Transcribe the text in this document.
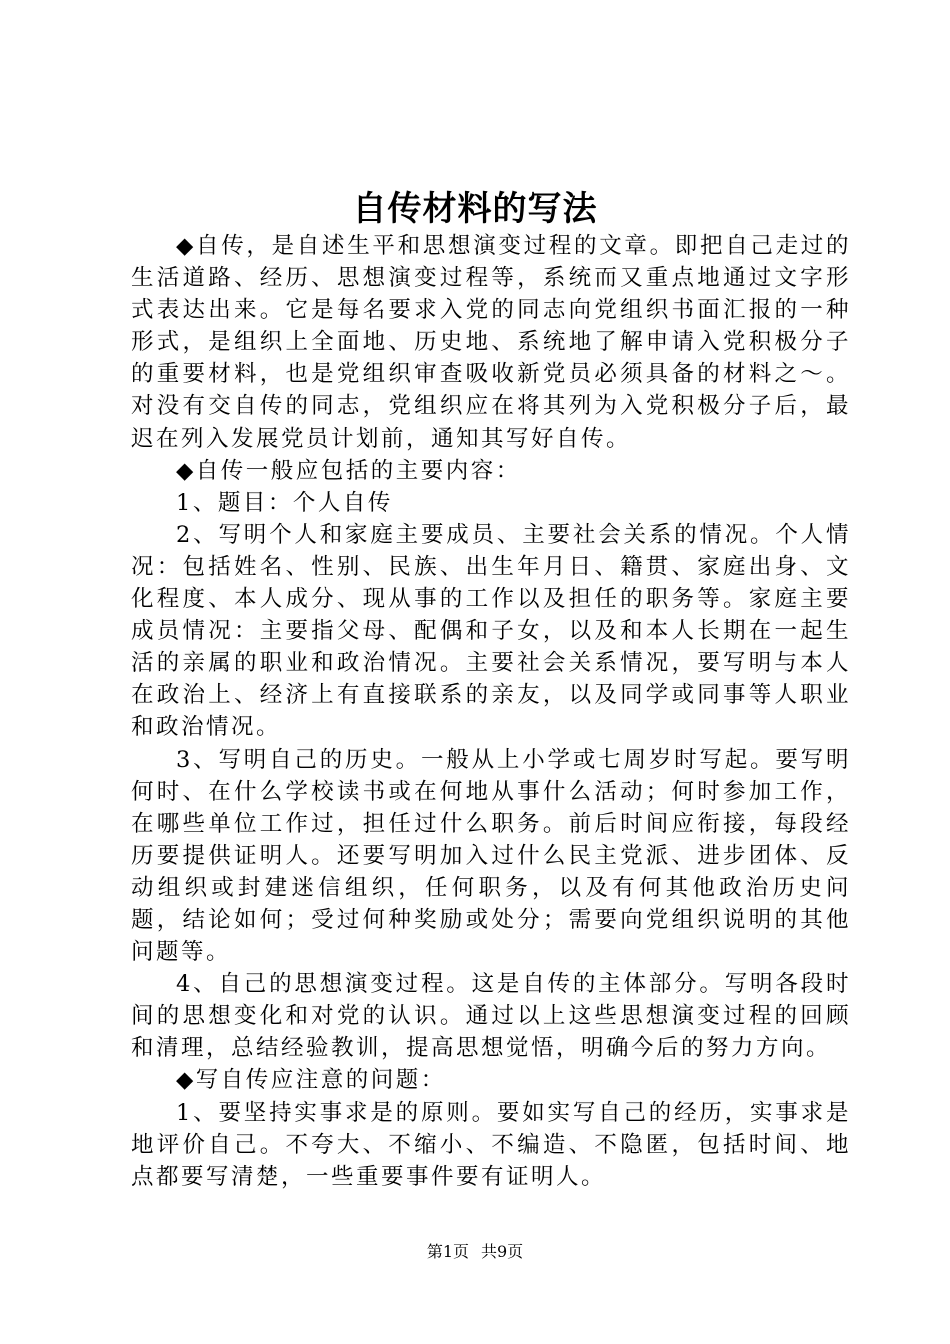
自传材料的写法

◆自传，是自述生平和思想演变过程的文章。即把自己走过的生活道路、经历、思想演变过程等，系统而又重点地通过文字形式表达出来。它是每名要求入党的同志向党组织书面汇报的一种形式，是组织上全面地、历史地、系统地了解申请入党积极分子的重要材料，也是党组织审查吸收新党员必须具备的材料之～。对没有交自传的同志，党组织应在将其列为入党积极分子后，最迟在列入发展党员计划前，通知其写好自传。

◆自传一般应包括的主要内容：

1、题目：个人自传

2、写明个人和家庭主要成员、主要社会关系的情况。个人情况：包括姓名、性别、民族、出生年月日、籍贯、家庭出身、文化程度、本人成分、现从事的工作以及担任的职务等。家庭主要成员情况：主要指父母、配偶和子女，以及和本人长期在一起生活的亲属的职业和政治情况。主要社会关系情况，要写明与本人在政治上、经济上有直接联系的亲友，以及同学或同事等人职业和政治情况。

3、写明自己的历史。一般从上小学或七周岁时写起。要写明何时、在什么学校读书或在何地从事什么活动；何时参加工作，在哪些单位工作过，担任过什么职务。前后时间应衔接，每段经历要提供证明人。还要写明加入过什么民主党派、进步团体、反动组织或封建迷信组织，任何职务，以及有何其他政治历史问题，结论如何；受过何种奖励或处分；需要向党组织说明的其他问题等。

4、自己的思想演变过程。这是自传的主体部分。写明各段时间的思想变化和对党的认识。通过以上这些思想演变过程的回顾和清理，总结经验教训，提高思想觉悟，明确今后的努力方向。

◆写自传应注意的问题：

1、要坚持实事求是的原则。要如实写自己的经历，实事求是地评价自己。不夸大、不缩小、不编造、不隐匿，包括时间、地点都要写清楚，一些重要事件要有证明人。

第1页 共9页
